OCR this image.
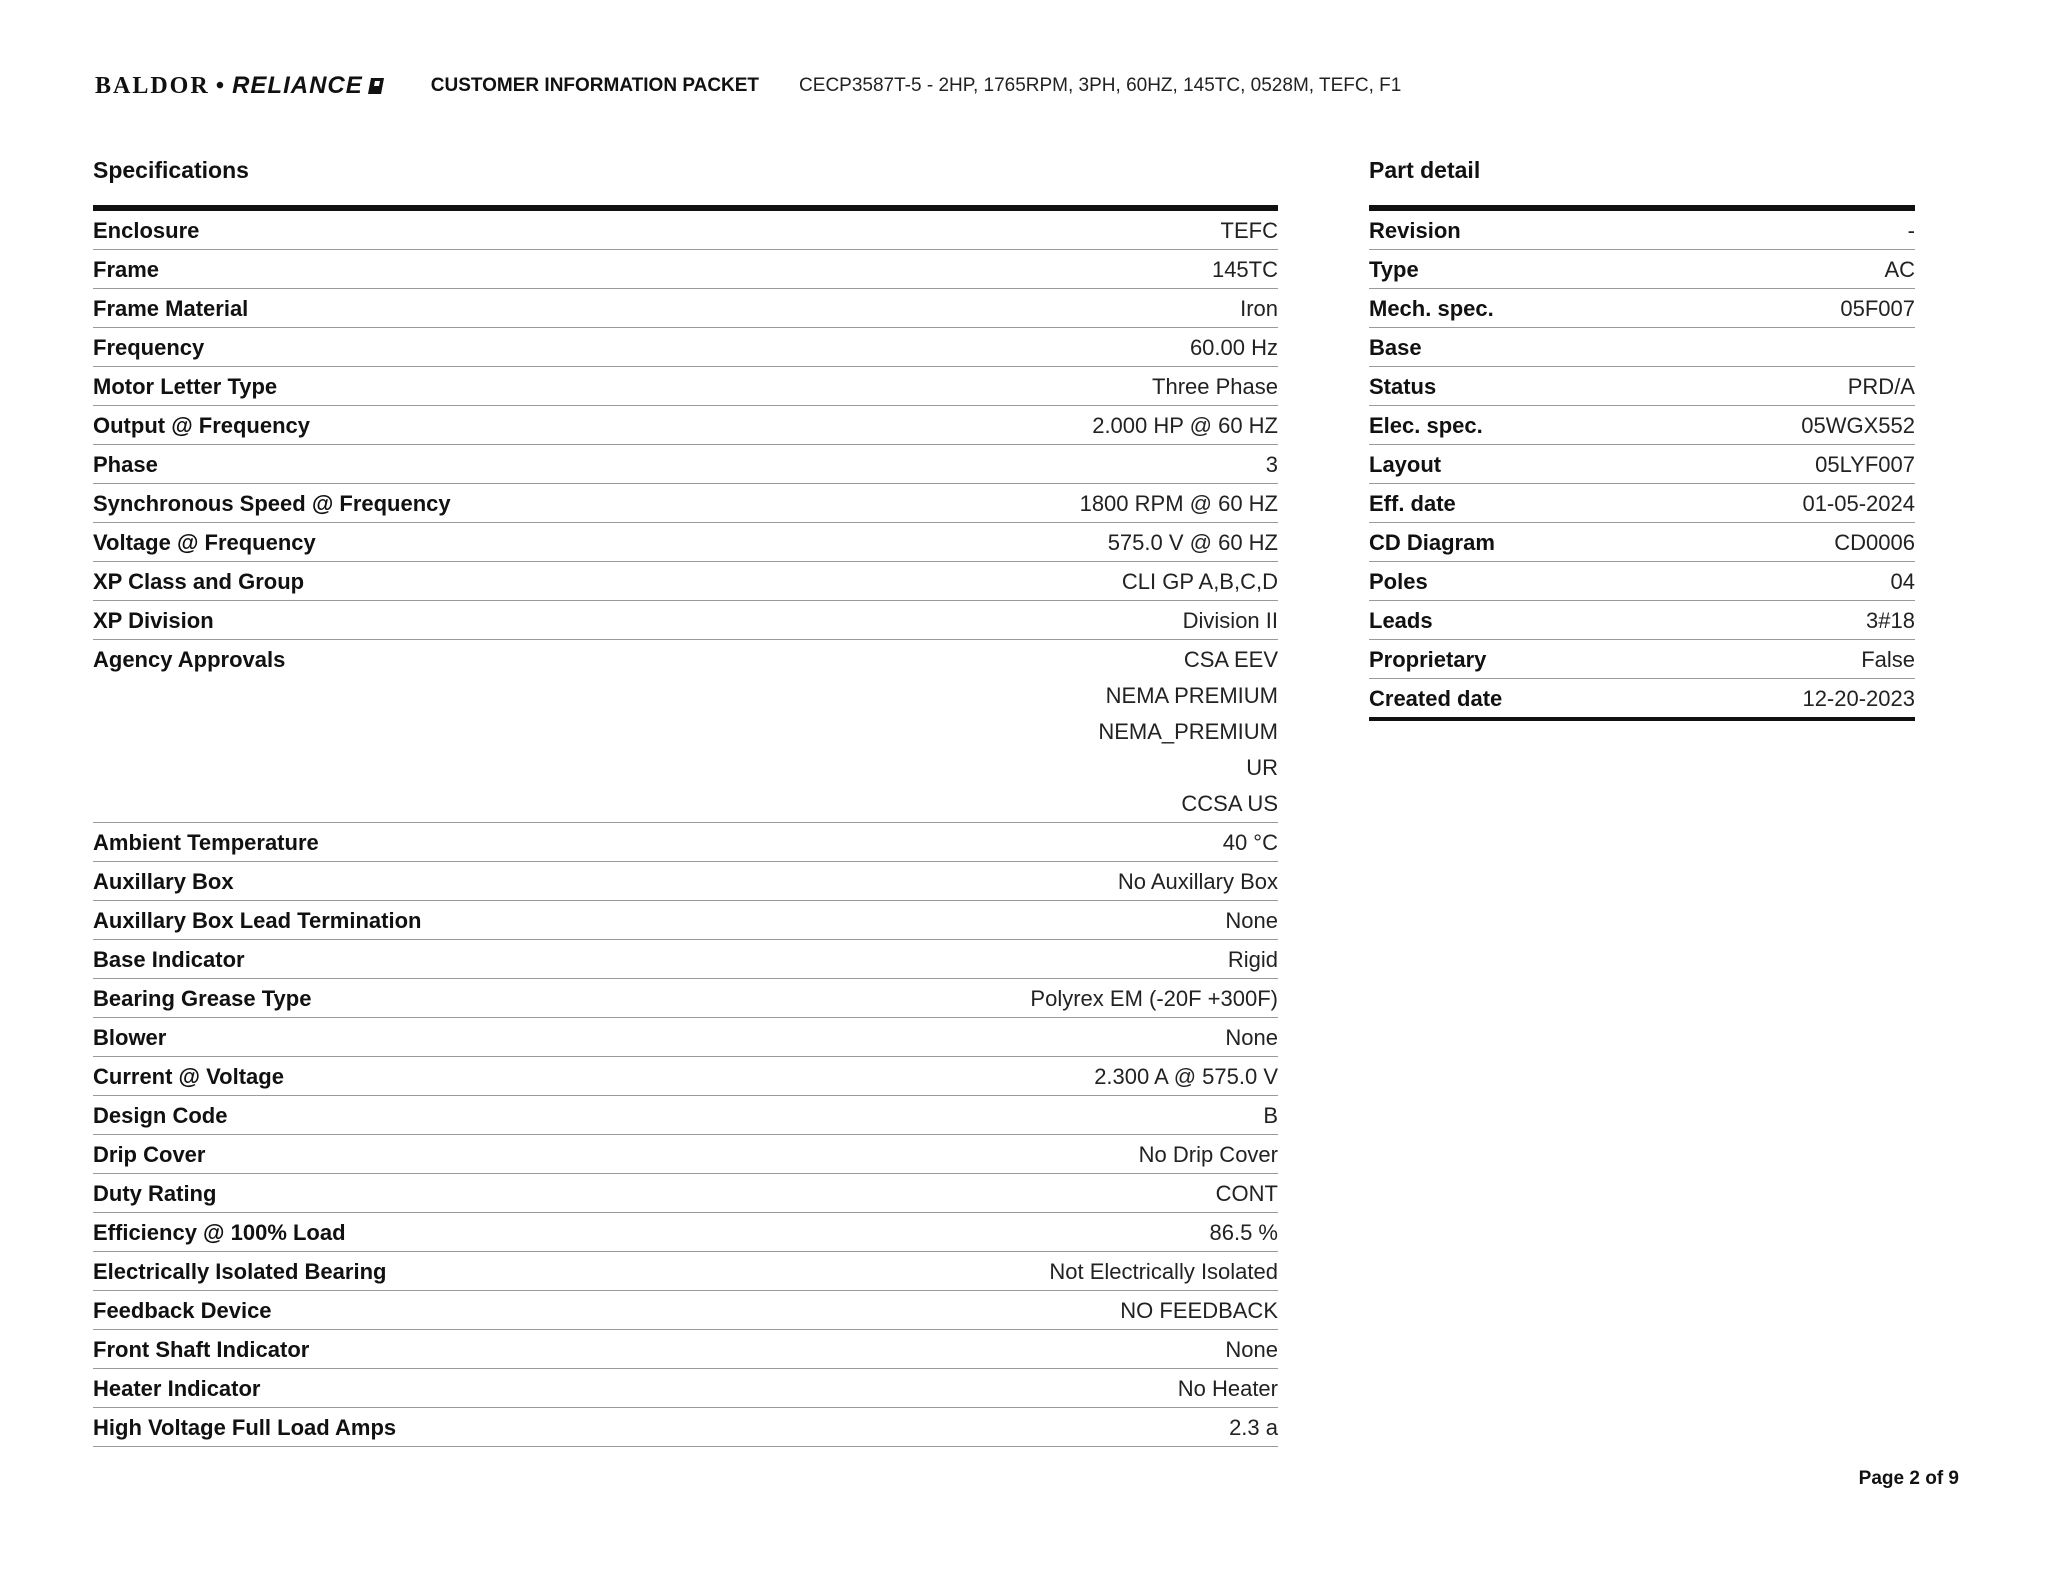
BALDOR • RELIANCE	CUSTOMER INFORMATION PACKET CECP3587T-5 - 2HP, 1765RPM, 3PH, 60HZ, 145TC, 0528M, TEFC, F1
Specifications	Part detail
Enclosure	TEFC
Frame	145TC
Frame Material	Iron
Frequency	60.00 Hz
Motor Letter Type	Three Phase
Output @ Frequency	2.000 HP @ 60 HZ
Phase	3
Synchronous Speed @ Frequency	1800 RPM @ 60 HZ
Voltage @ Frequency	575.0 V @ 60 HZ
XP Class and Group	CLI GP A,B,C,D
XP Division	Division II
Agency Approvals	CSA EEV
NEMA PREMIUM
NEMA_PREMIUM
UR
CCSA US
Ambient Temperature	40 °C
Auxillary Box	No Auxillary Box
Auxillary Box Lead Termination	None
Base Indicator	Rigid
Bearing Grease Type	Polyrex EM (-20F +300F)
Blower	None
Current @ Voltage	2.300 A @ 575.0 V
Design Code	B
Drip Cover	No Drip Cover
Duty Rating	CONT
Efficiency @ 100% Load	86.5 %
Electrically Isolated Bearing	Not Electrically Isolated
Feedback Device	NO FEEDBACK
Front Shaft Indicator	None
Heater Indicator	No Heater
High Voltage Full Load Amps	2.3 a
Revision	-
Type	AC
Mech. spec.	05F007
Base
Status	PRD/A
Elec. spec.	05WGX552
Layout	05LYF007
Eff. date	01-05-2024
CD Diagram	CD0006
Poles	04
Leads	3#18
Proprietary	False
Created date	12-20-2023
Page 2 of 9
